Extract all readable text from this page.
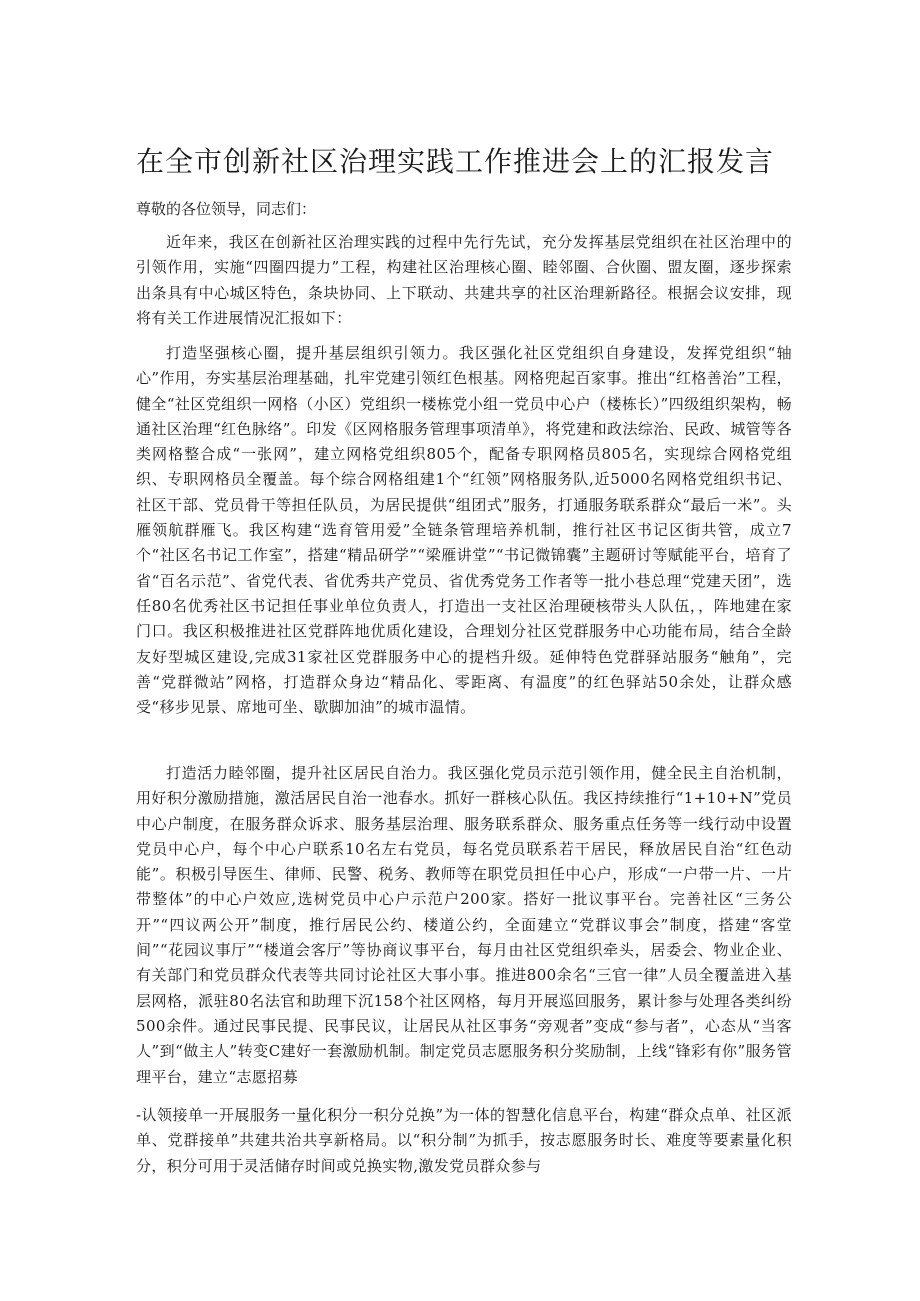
在全市创新社区治理实践工作推进会上的汇报发言

尊敬的各位领导，同志们：

近年来，我区在创新社区治理实践的过程中先行先试，充分发挥基层党组织在社区治理中的引领作用，实施“四圈四提力”工程，构建社区治理核心圈、睦邻圈、合伙圈、盟友圈，逐步探索出条具有中心城区特色，条块协同、上下联动、共建共享的社区治理新路径。根据会议安排，现将有关工作进展情况汇报如下：

打造坚强核心圈，提升基层组织引领力。我区强化社区党组织自身建设，发挥党组织“轴心”作用，夯实基层治理基础，扎牢党建引领红色根基。网格兜起百家事。推出“红格善治”工程，健全“社区党组织一网格（小区）党组织一楼栋党小组一党员中心户（楼栋长）”四级组织架构，畅通社区治理“红色脉络”。印发《区网格服务管理事项清单》，将党建和政法综治、民政、城管等各类网格整合成“一张网”，建立网格党组织805个，配备专职网格员805名，实现综合网格党组织、专职网格员全覆盖。每个综合网格组建1个“红领”网格服务队,近5000名网格党组织书记、社区干部、党员骨干等担任队员，为居民提供“组团式”服务，打通服务联系群众“最后一米”。头雁领航群雁飞。我区构建“选育管用爱”全链条管理培养机制，推行社区书记区街共管，成立7个“社区名书记工作室”，搭建“精品研学”“梁雁讲堂”“书记微锦囊”主题研讨等赋能平台，培育了省“百名示范”、省党代表、省优秀共产党员、省优秀党务工作者等一批小巷总理“党建天团”，选任80名优秀社区书记担任事业单位负责人，打造出一支社区治理硬核带头人队伍，，阵地建在家门口。我区积极推进社区党群阵地优质化建设，合理划分社区党群服务中心功能布局，结合全龄友好型城区建设,完成31家社区党群服务中心的提档升级。延伸特色党群驿站服务“触角”，完善“党群微站”网格，打造群众身边“精品化、零距离、有温度”的红色驿站50余处，让群众感受“移步见景、席地可坐、歇脚加油”的城市温情。

打造活力睦邻圈，提升社区居民自治力。我区强化党员示范引领作用，健全民主自治机制，用好积分激励措施，激活居民自治一池春水。抓好一群核心队伍。我区持续推行“1+10+N”党员中心户制度，在服务群众诉求、服务基层治理、服务联系群众、服务重点任务等一线行动中设置党员中心户，每个中心户联系10名左右党员，每名党员联系若干居民，释放居民自治“红色动能”。积极引导医生、律师、民警、税务、教师等在职党员担任中心户，形成“一户带一片、一片带整体”的中心户效应,选树党员中心户示范户200家。搭好一批议事平台。完善社区“三务公开”“四议两公开”制度，推行居民公约、楼道公约，全面建立“党群议事会”制度，搭建“客堂间”“花园议事厅”“楼道会客厅”等协商议事平台，每月由社区党组织牵头，居委会、物业企业、有关部门和党员群众代表等共同讨论社区大事小事。推进800余名“三官一律”人员全覆盖进入基层网格，派驻80名法官和助理下沉158个社区网格，每月开展巡回服务，累计参与处理各类纠纷500余件。通过民事民提、民事民议，让居民从社区事务“旁观者”变成“参与者”，心态从“当客人”到“做主人”转变C建好一套激励机制。制定党员志愿服务积分奖励制，上线“锋彩有你”服务管理平台，建立“志愿招募

-认领接单一开展服务一量化积分一积分兑换”为一体的智慧化信息平台，构建“群众点单、社区派单、党群接单”共建共治共享新格局。以“积分制”为抓手，按志愿服务时长、难度等要素量化积分，积分可用于灵活储存时间或兑换实物,激发党员群众参与
